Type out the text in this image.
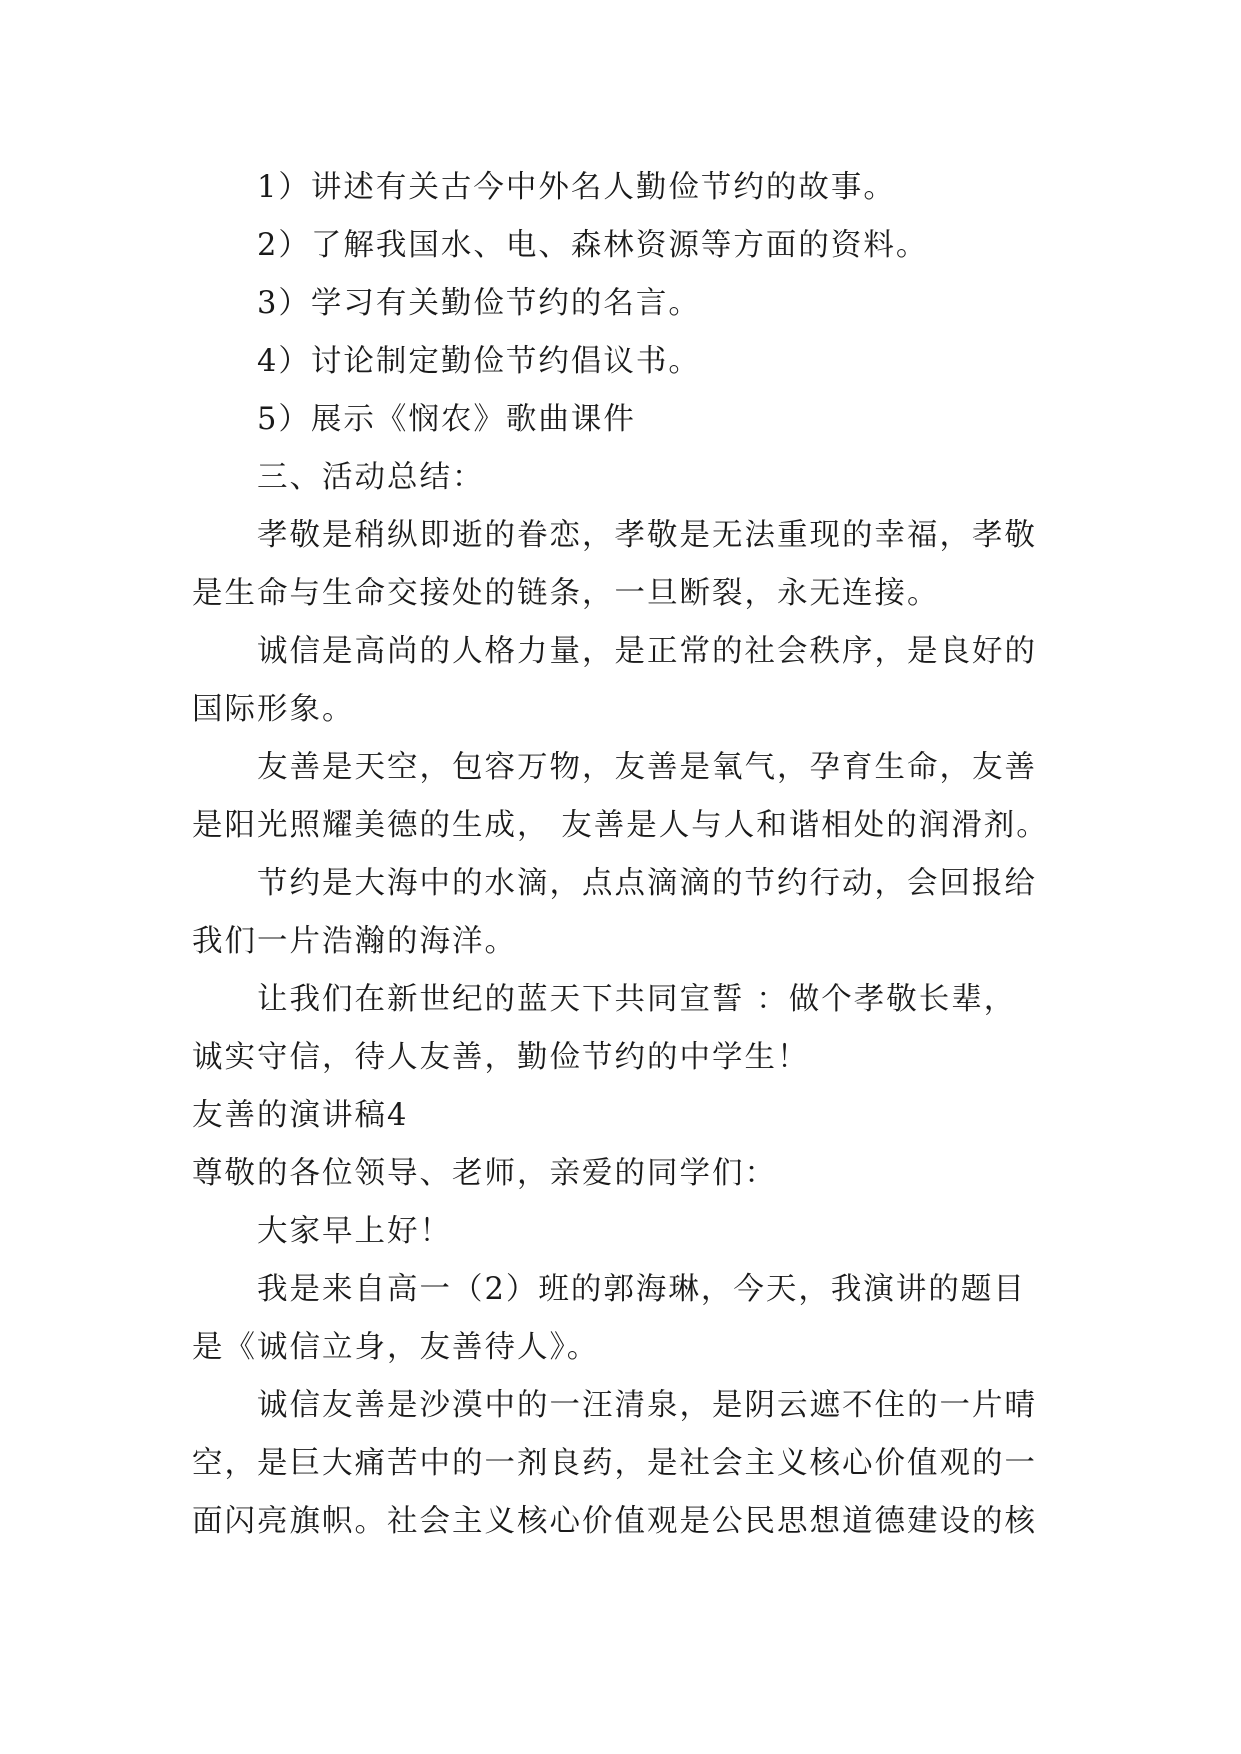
1）讲述有关古今中外名人勤俭节约的故事。
2）了解我国水、电、森林资源等方面的资料。
3）学习有关勤俭节约的名言。
4）讨论制定勤俭节约倡议书。
5）展示《悯农》歌曲课件
三、活动总结：
孝敬是稍纵即逝的眷恋，孝敬是无法重现的幸福，孝敬
是生命与生命交接处的链条，一旦断裂，永无连接。
诚信是高尚的人格力量，是正常的社会秩序，是良好的
国际形象。
友善是天空，包容万物，友善是氧气，孕育生命，友善
是阳光照耀美德的生成， 友善是人与人和谐相处的润滑剂。
节约是大海中的水滴，点点滴滴的节约行动，会回报给
我们一片浩瀚的海洋。
让我们在新世纪的蓝天下共同宣誓 ：做个孝敬长辈，
诚实守信，待人友善，勤俭节约的中学生！
友善的演讲稿4
尊敬的各位领导、老师，亲爱的同学们：
大家早上好！
我是来自高一（2）班的郭海琳，今天，我演讲的题目
是《诚信立身，友善待人》。
诚信友善是沙漠中的一汪清泉，是阴云遮不住的一片晴
空，是巨大痛苦中的一剂良药，是社会主义核心价值观的一
面闪亮旗帜。社会主义核心价值观是公民思想道德建设的核
